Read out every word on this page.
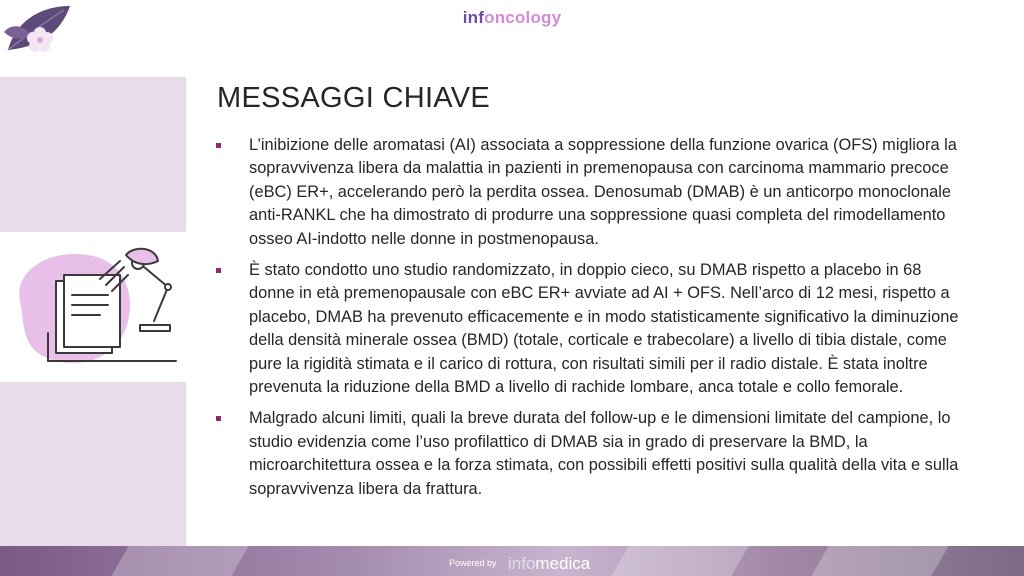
infoncology
MESSAGGI CHIAVE
L’inibizione delle aromatasi (AI) associata a soppressione della funzione ovarica (OFS) migliora la sopravvivenza libera da malattia in pazienti in premenopausa con carcinoma mammario precoce (eBC) ER+, accelerando però la perdita ossea. Denosumab (DMAB) è un anticorpo monoclonale anti-RANKL che ha dimostrato di produrre una soppressione quasi completa del rimodellamento osseo AI-indotto nelle donne in postmenopausa.
È stato condotto uno studio randomizzato, in doppio cieco, su DMAB rispetto a placebo in 68 donne in età premenopausale con eBC ER+ avviate ad AI + OFS. Nell’arco di 12 mesi, rispetto a placebo, DMAB ha prevenuto efficacemente e in modo statisticamente significativo la diminuzione della densità minerale ossea (BMD) (totale, corticale e trabecolare) a livello di tibia distale, come pure la rigidità stimata e il carico di rottura, con risultati simili per il radio distale. È stata inoltre prevenuta la riduzione della BMD a livello di rachide lombare, anca totale e collo femorale.
Malgrado alcuni limiti, quali la breve durata del follow-up e le dimensioni limitate del campione, lo studio evidenzia come l’uso profilattico di DMAB sia in grado di preservare la BMD, la microarchitettura ossea e la forza stimata, con possibili effetti positivi sulla qualità della vita e sulla sopravvivenza libera da frattura.
Powered by infomedica
